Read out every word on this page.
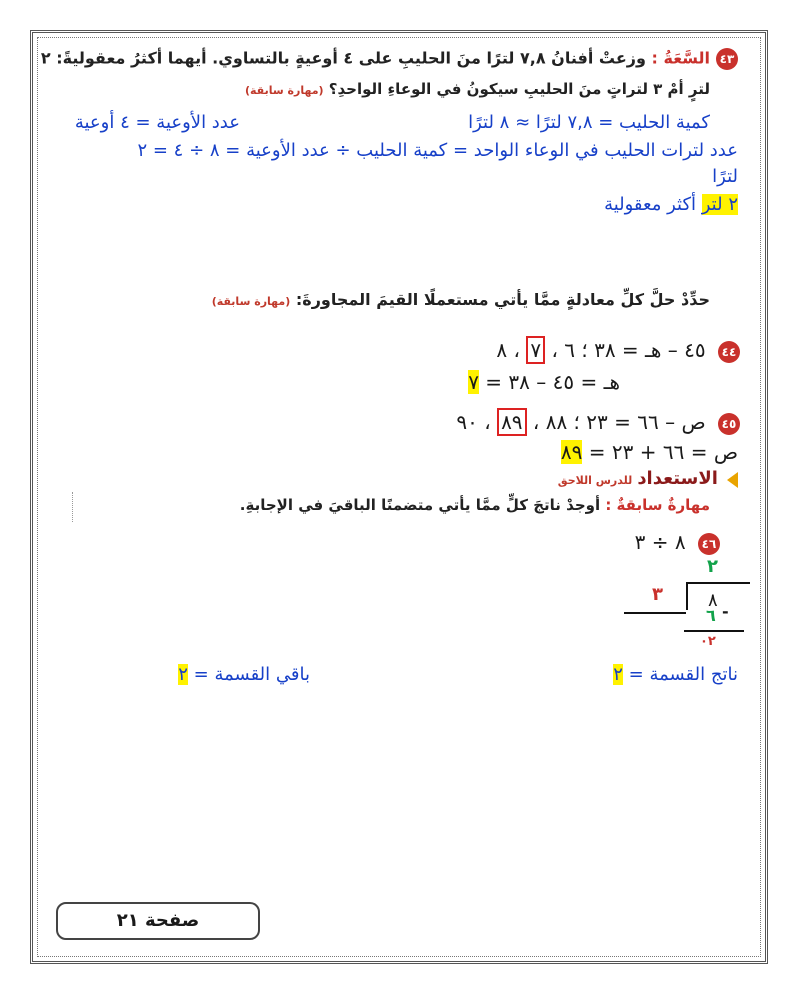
٤٣السَّعَةُ : وزعتْ أفنانُ ٧,٨ لترًا منَ الحليبِ على ٤ أوعيةٍ بالتساوي. أيهما أكثرُ معقوليةً: ٢
لترٍ أمْ ٣ لتراتٍ منَ الحليبِ سيكونُ في الوعاءِ الواحدِ؟ (مهارة سابقة)
كمية الحليب = ٧,٨ لترًا ≈ ٨ لترًا
عدد الأوعية = ٤ أوعية
عدد لترات الحليب في الوعاء الواحد = كمية الحليب ÷ عدد الأوعية = ٨ ÷ ٤ = ٢
لترًا
٢ لتر أكثر معقولية
حدِّدْ حلَّ كلِّ معادلةٍ ممَّا يأتي مستعملًا القيمَ المجاورةَ: (مهارة سابقة)
٤٤ ٤٥ – هـ = ٣٨ ؛ ٦ ، ٧ ، ٨
هـ = ٤٥ – ٣٨ = ٧
٤٥ ص – ٦٦ = ٢٣ ؛ ٨٨ ، ٨٩ ، ٩٠
ص = ٦٦ + ٢٣ = ٨٩
الاستعداد للدرس اللاحق
مهارةٌ سابقةٌ : أوجدْ ناتجَ كلٍّ ممَّا يأتي متضمنًا الباقيَ في الإجابةِ.
٤٦ ٨ ÷ ٣
٢
٨
٣
٦ -
٠٢
ناتج القسمة = ٢
باقي القسمة = ٢
صفحة ٢١
